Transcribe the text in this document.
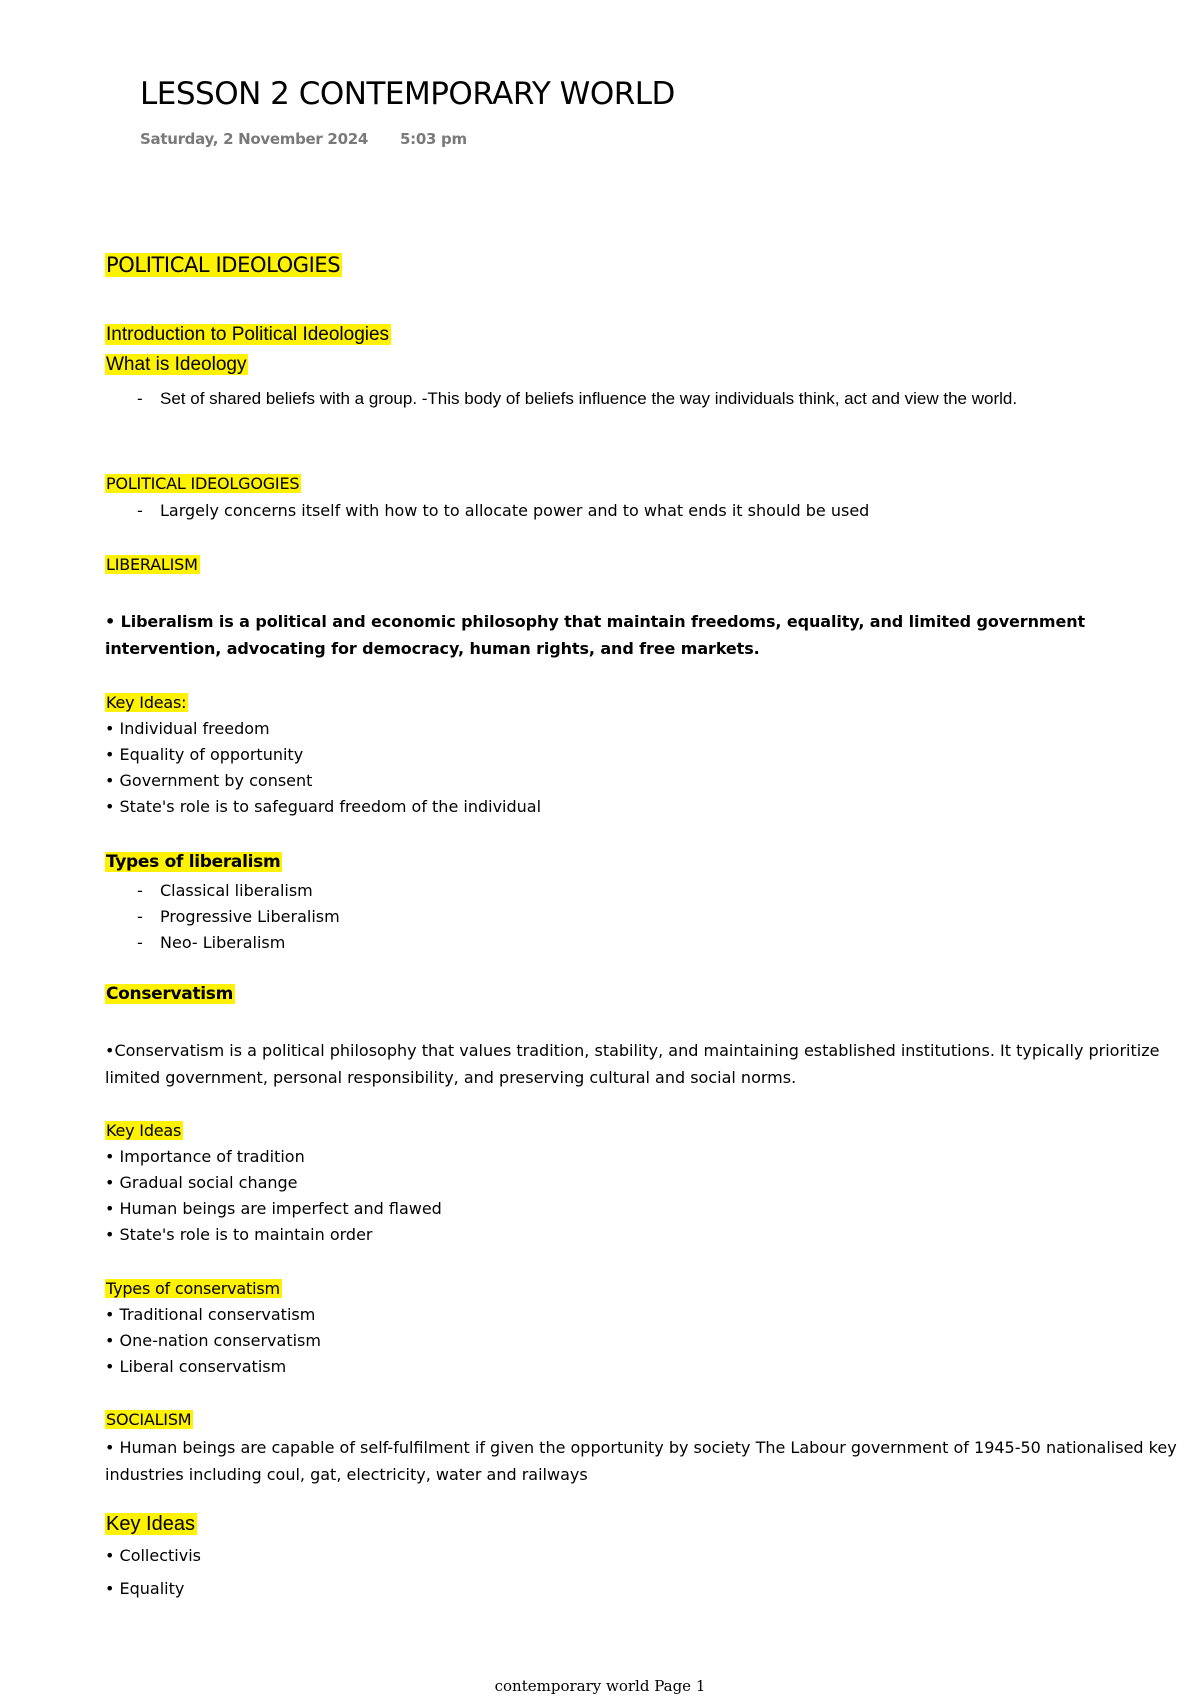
LESSON 2 CONTEMPORARY WORLD
Saturday, 2 November 2024 5:03 pm
POLITICAL IDEOLOGIES
Introduction to Political Ideologies
What is Ideology
- Set of shared beliefs with a group. -This body of beliefs influence the way individuals think, act and view the world.
POLITICAL IDEOLGOGIES
- Largely concerns itself with how to to allocate power and to what ends it should be used
LIBERALISM
• Liberalism is a political and economic philosophy that maintain freedoms, equality, and limited government intervention, advocating for democracy, human rights, and free markets.
Key Ideas:
• Individual freedom
• Equality of opportunity
• Government by consent
• State's role is to safeguard freedom of the individual
Types of liberalism
- Classical liberalism
- Progressive Liberalism
- Neo- Liberalism
Conservatism
•Conservatism is a political philosophy that values tradition, stability, and maintaining established institutions. It typically prioritize limited government, personal responsibility, and preserving cultural and social norms.
Key Ideas
• Importance of tradition
• Gradual social change
• Human beings are imperfect and flawed
• State's role is to maintain order
Types of conservatism
• Traditional conservatism
• One-nation conservatism
• Liberal conservatism
SOCIALISM
• Human beings are capable of self-fulfilment if given the opportunity by society The Labour government of 1945-50 nationalised key industries including coul, gat, electricity, water and railways
Key Ideas
• Collectivis
• Equality
contemporary world Page 1
